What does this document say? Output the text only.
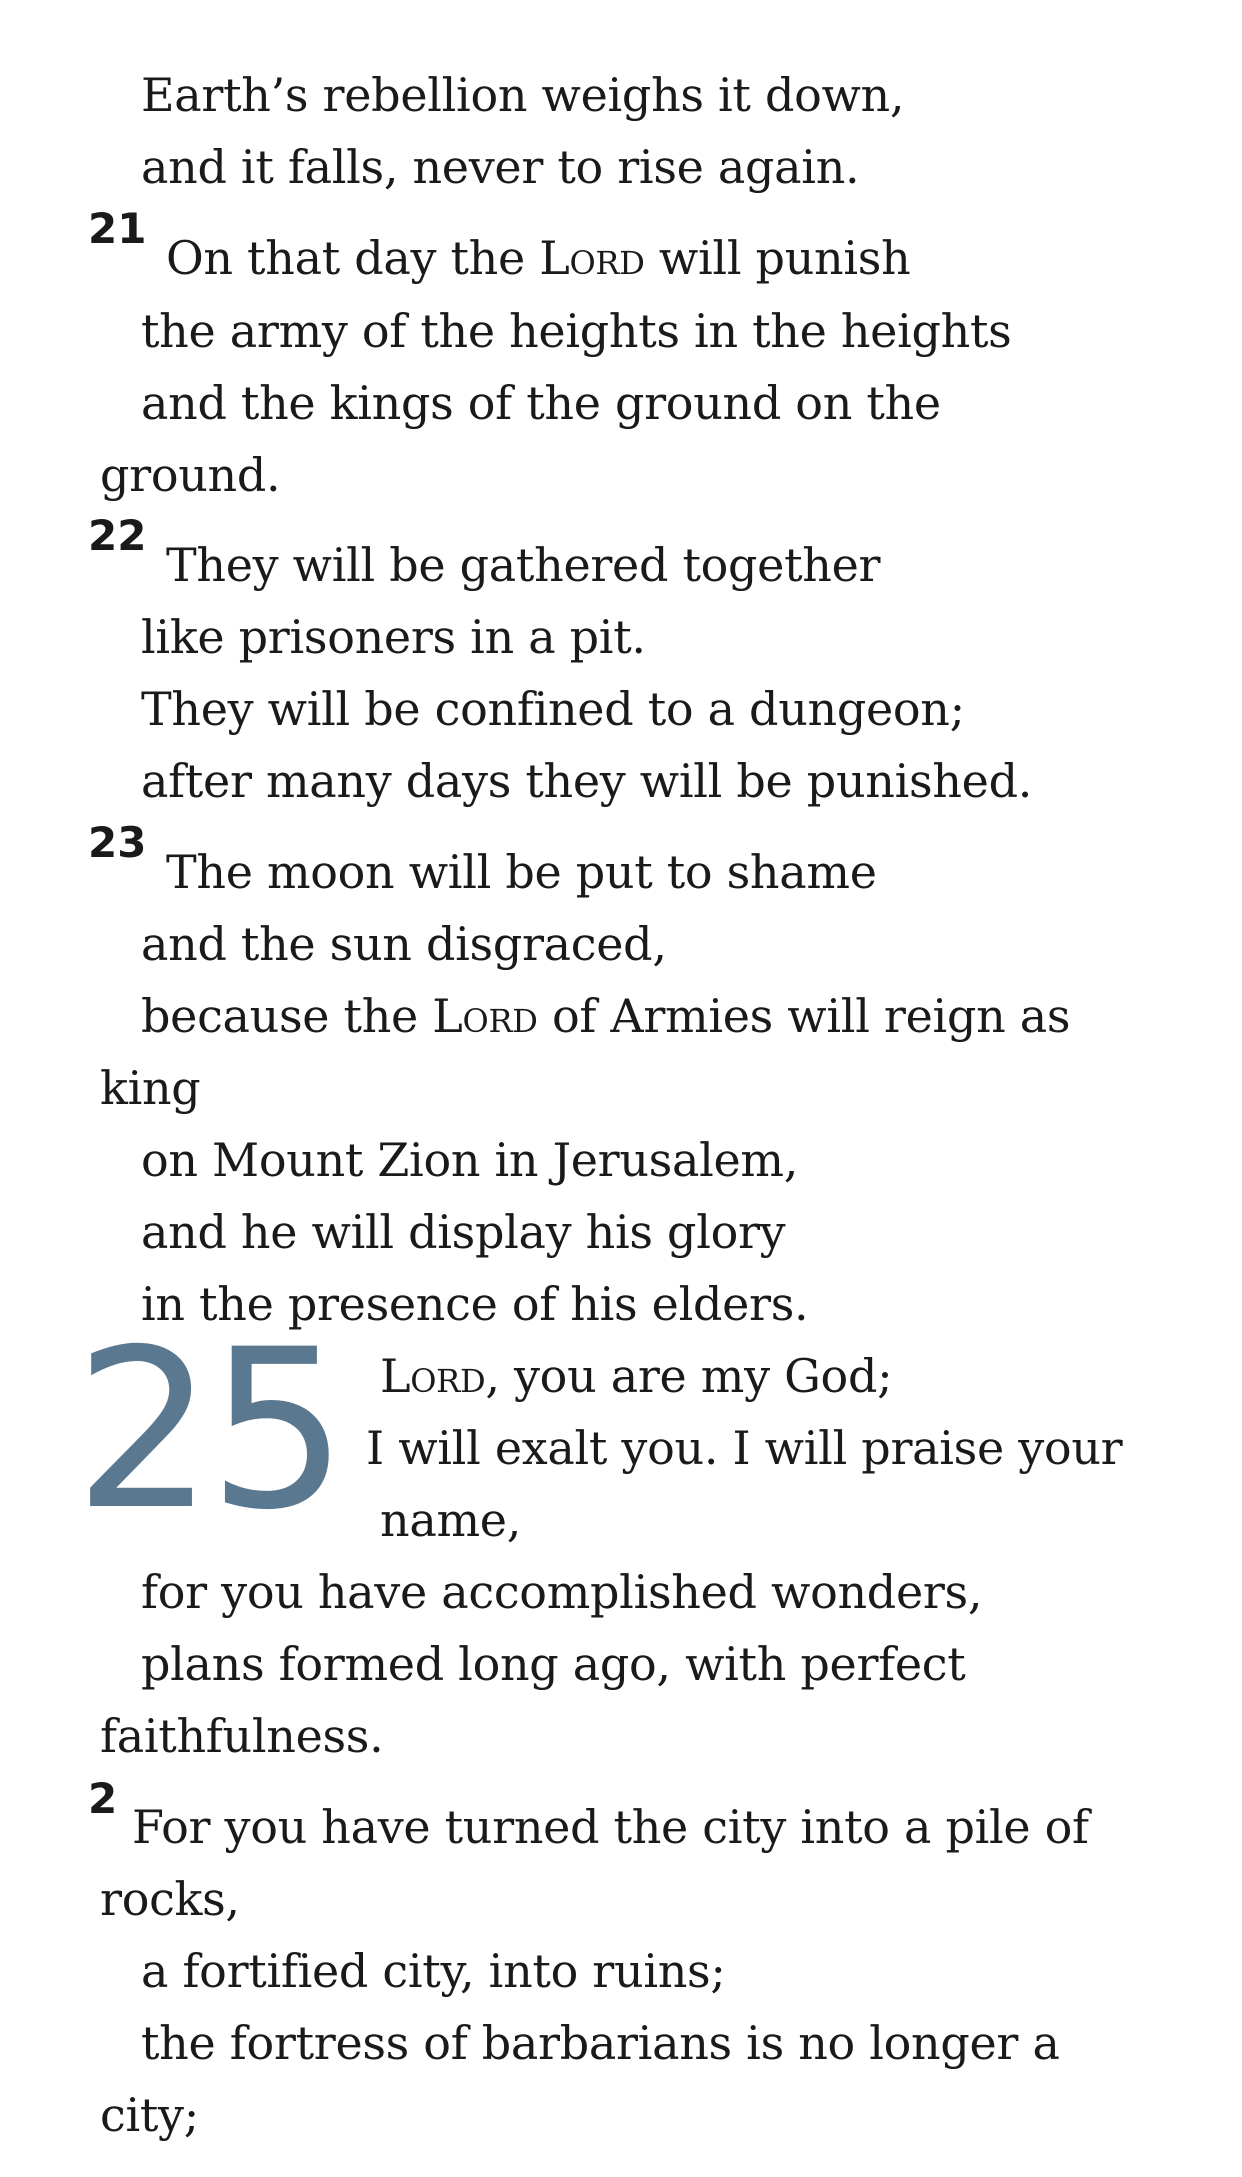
Earth’s rebellion weighs it down,
and it falls, never to rise again.
21
On that day the Lord will punish
the army of the heights in the heights
and the kings of the ground on the
ground.
22
They will be gathered together
like prisoners in a pit.
They will be confined to a dungeon;
after many days they will be punished.
23
The moon will be put to shame
and the sun disgraced,
because the Lord of Armies will reign as
king
on Mount Zion in Jerusalem,
and he will display his glory
in the presence of his elders.
25 Lord, you are my God;
I will exalt you. I will praise your
name,
for you have accomplished wonders,
plans formed long ago, with perfect
faithfulness.
2
For you have turned the city into a pile of
rocks,
a fortified city, into ruins;
the fortress of barbarians is no longer a
city;
